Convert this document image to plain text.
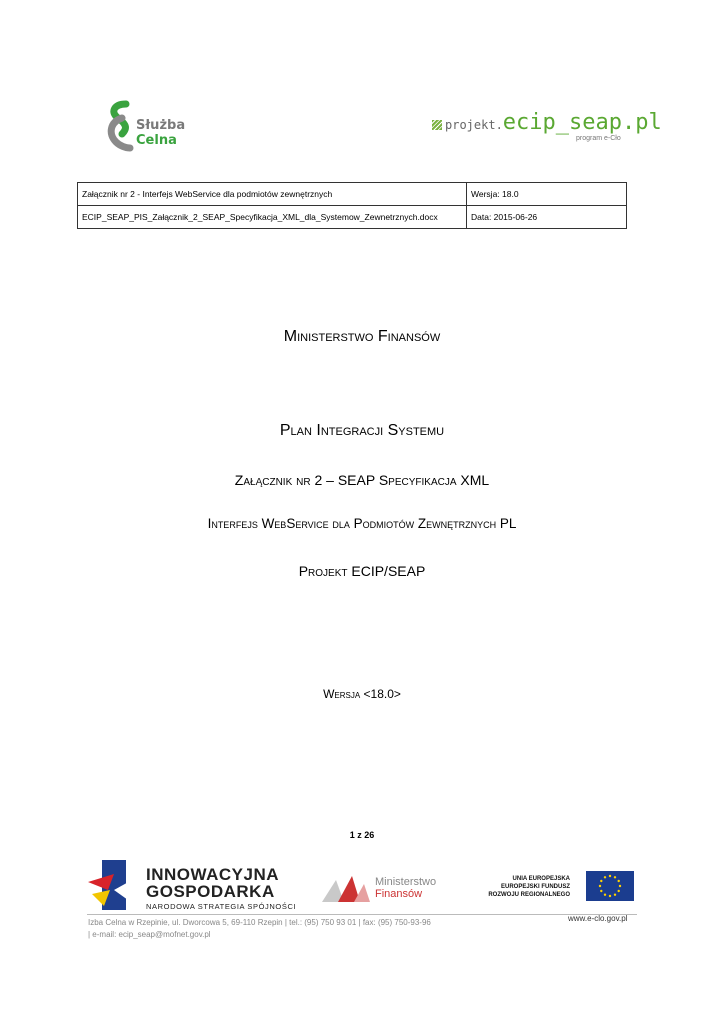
Służba
Celna
projekt.ecip_seap.pl
program e-Cło
Załącznik nr 2 - Interfejs WebService dla podmiotów zewnętrznych	Wersja: 18.0
ECIP_SEAP_PIS_Załącznik_2_SEAP_Specyfikacja_XML_dla_Systemow_Zewnetrznych.docx	Data: 2015-06-26
Ministerstwo Finansów
Plan Integracji Systemu
Załącznik nr 2 – SEAP Specyfikacja XML
Interfejs WebService dla Podmiotów Zewnętrznych PL
Projekt ECIP/SEAP
Wersja <18.0>
1 z 26
INNOWACYJNA
GOSPODARKA
NARODOWA STRATEGIA SPÓJNOŚCI
Ministerstwo
Finansów
UNIA EUROPEJSKA
EUROPEJSKI FUNDUSZ
ROZWOJU REGIONALNEGO
Izba Celna w Rzepinie, ul. Dworcowa 5, 69-110 Rzepin | tel.: (95) 750 93 01 | fax: (95) 750-93-96
| e-mail: ecip_seap@mofnet.gov.pl
www.e-clo.gov.pl
